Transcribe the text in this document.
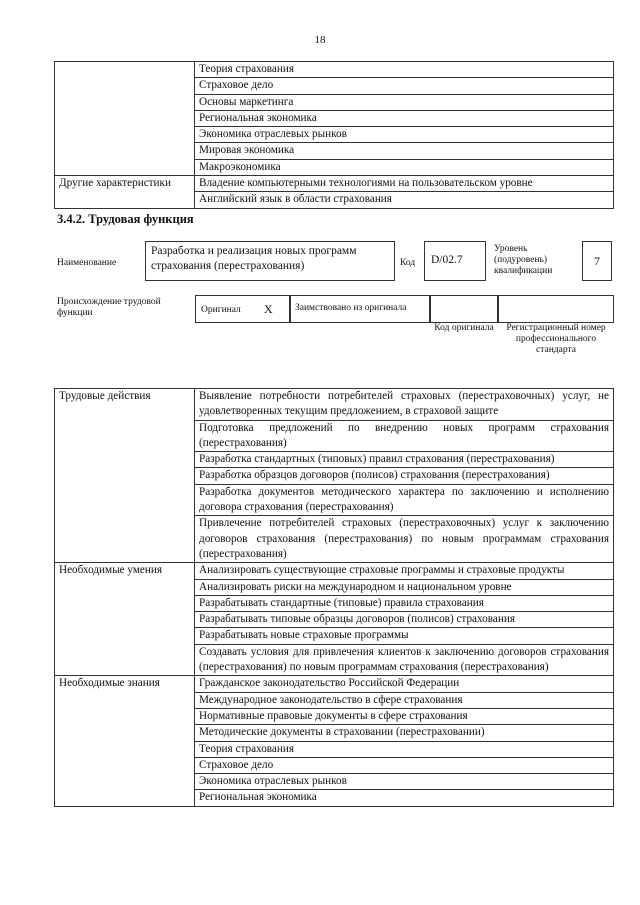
18
	Теория страхования
	Страховое дело
	Основы маркетинга
	Региональная экономика
	Экономика отраслевых рынков
	Мировая экономика
	Макроэкономика
Другие характеристики	Владение компьютерными технологиями на пользовательском уровне
	Английский язык в области страхования
3.4.2. Трудовая функция
Наименование
Разработка и реализация новых программ страхования (перестрахования)	Код	D/02.7
Уровень (подуровень) квалификации
7
Происхождение трудовой функции	Оригинал X	Заимствовано из оригинала
Код оригинала	Регистрационный номер профессионального стандарта
Трудовые действия	Выявление потребности потребителей страховых (перестраховочных) услуг, не удовлетворенных текущим предложением, в страховой защите
	Подготовка предложений по внедрению новых программ страхования (перестрахования)
	Разработка стандартных (типовых) правил страхования (перестрахования)
	Разработка образцов договоров (полисов) страхования (перестрахования)
	Разработка документов методического характера по заключению и исполнению договора страхования (перестрахования)
	Привлечение потребителей страховых (перестраховочных) услуг к заключению договоров страхования (перестрахования) по новым программам страхования (перестрахования)
Необходимые умения	Анализировать существующие страховые программы и страховые продукты
	Анализировать риски на международном и национальном уровне
	Разрабатывать стандартные (типовые) правила страхования
	Разрабатывать типовые образцы договоров (полисов) страхования
	Разрабатывать новые страховые программы
	Создавать условия для привлечения клиентов к заключению договоров страхования (перестрахования) по новым программам страхования (перестрахования)
Необходимые знания	Гражданское законодательство Российской Федерации
	Международное законодательство в сфере страхования
	Нормативные правовые документы в сфере страхования
	Методические документы в страховании (перестраховании)
	Теория страхования
	Страховое дело
	Экономика отраслевых рынков
	Региональная экономика
